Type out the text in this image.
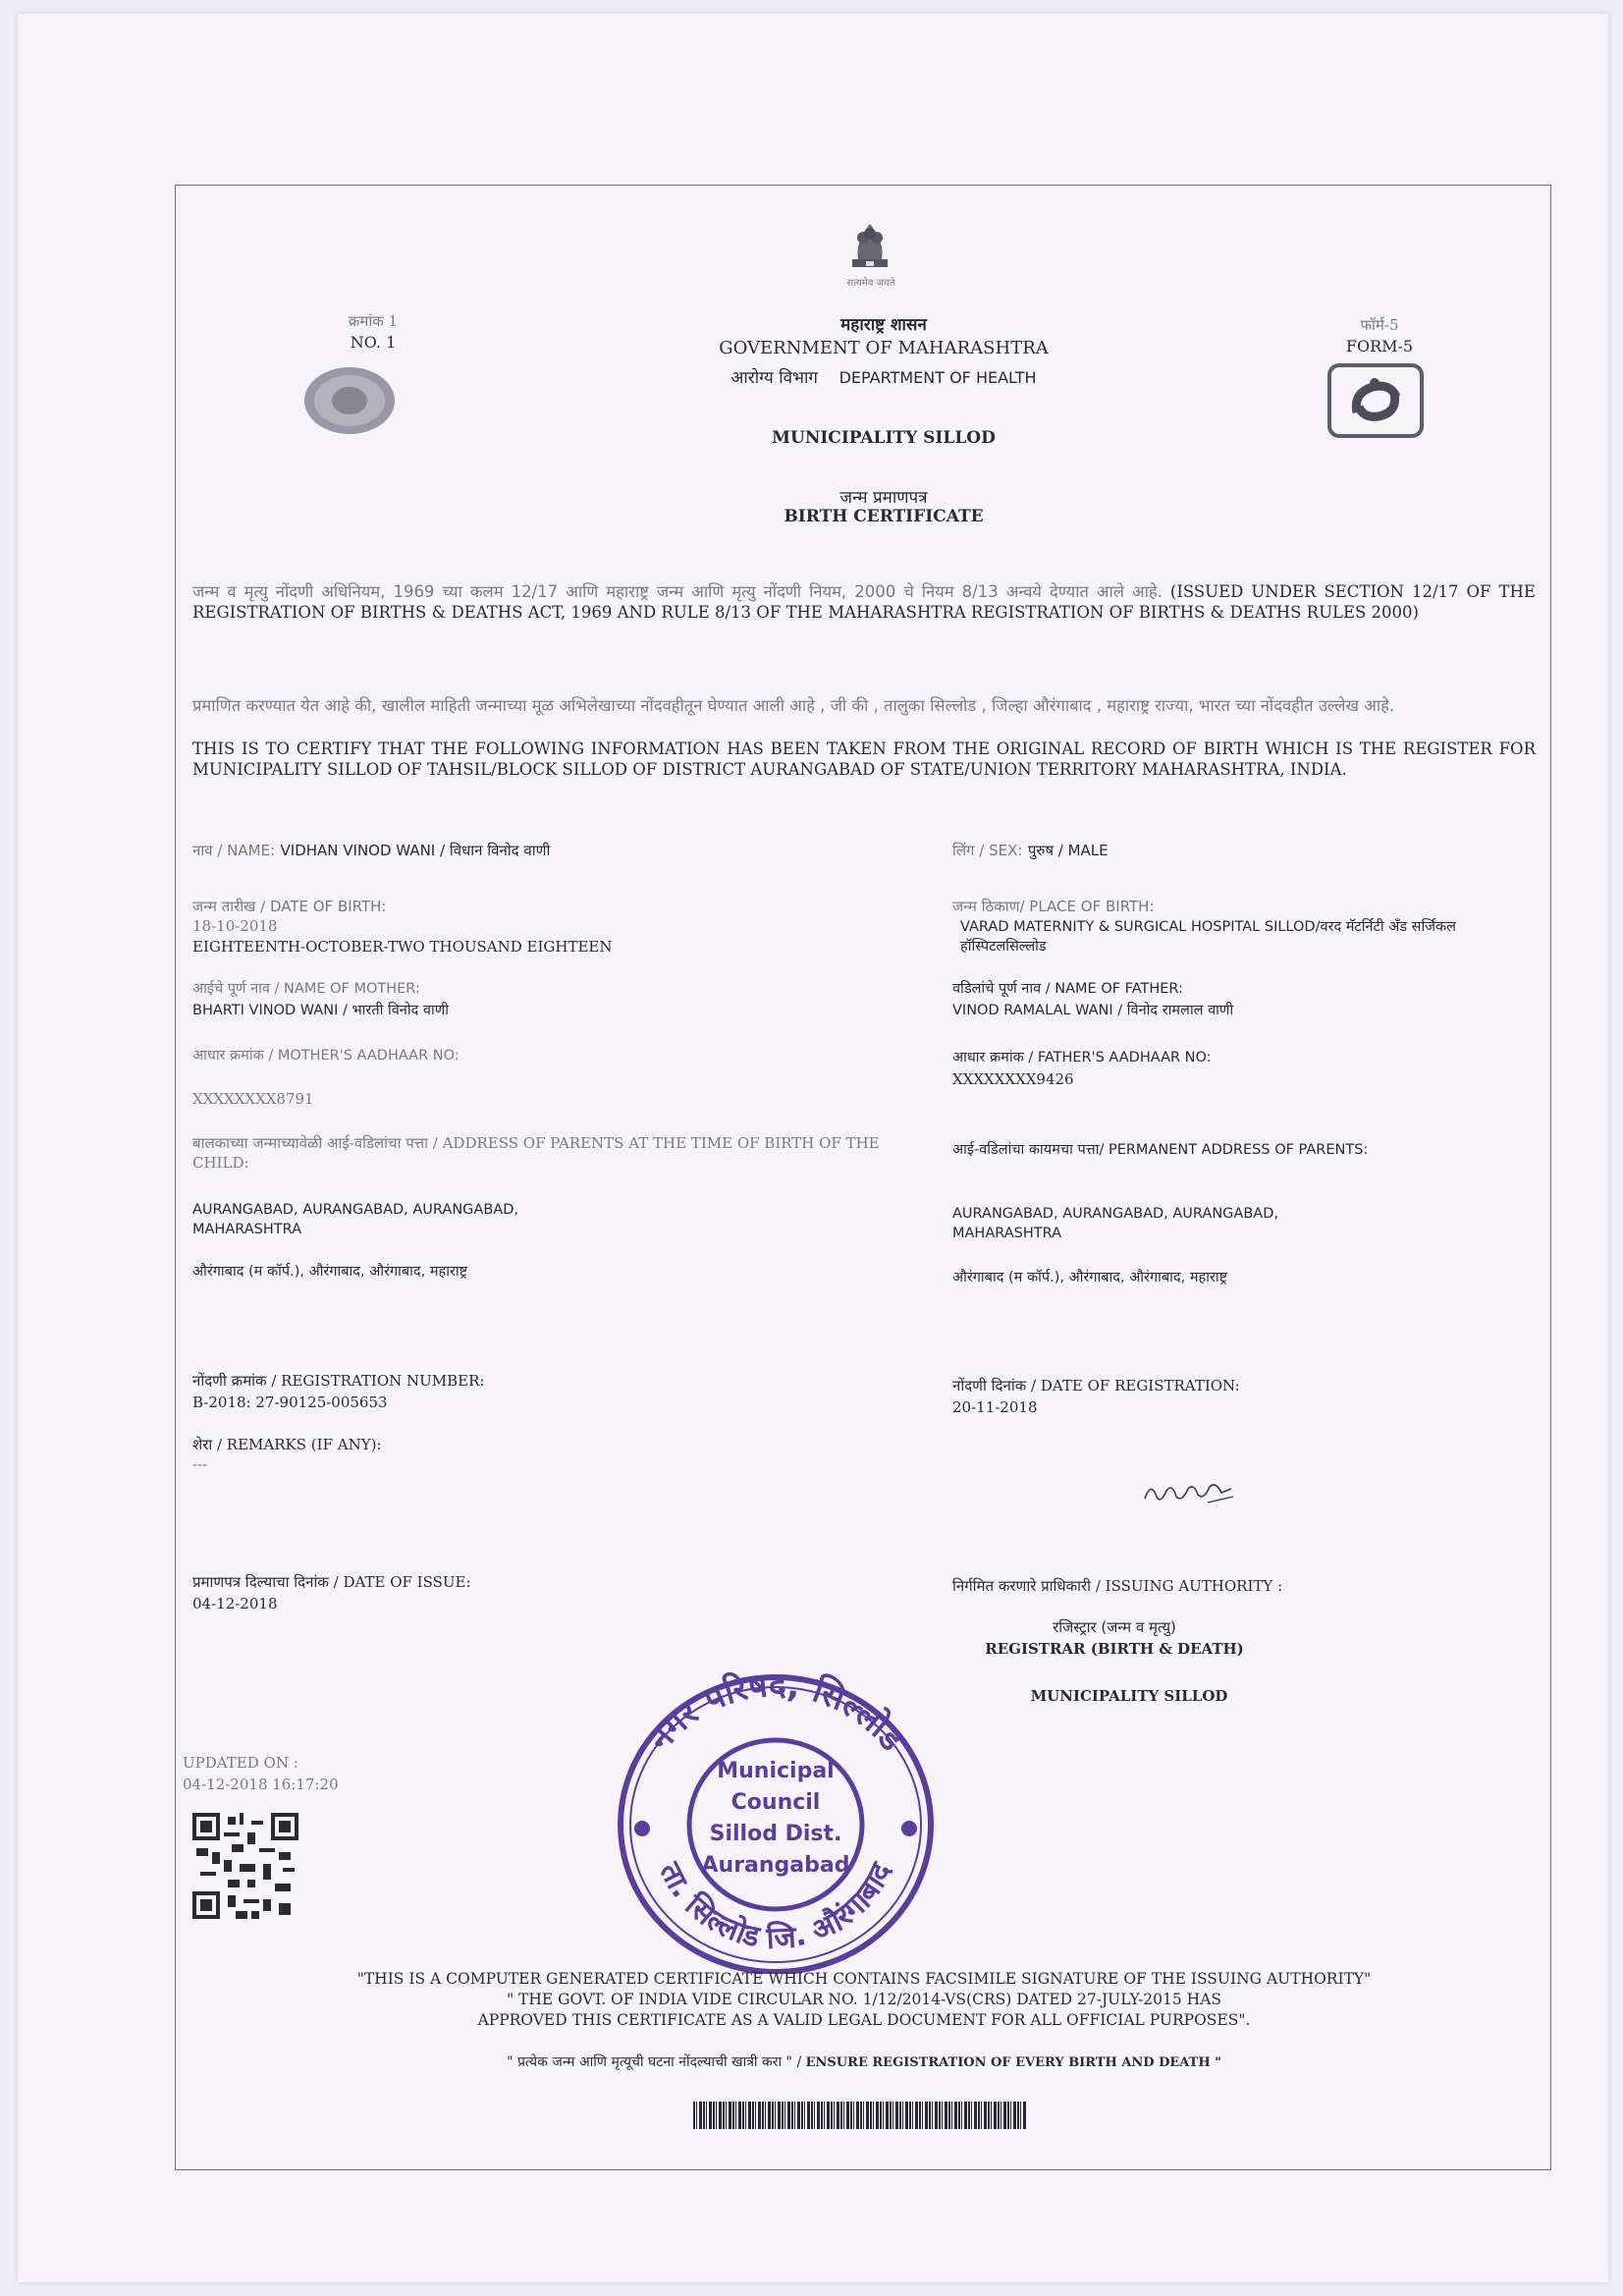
सत्यमेव जयते
क्रमांक 1
NO. 1
महाराष्ट्र शासन
GOVERNMENT OF MAHARASHTRA
आरोग्य विभाग DEPARTMENT OF HEALTH
फॉर्म-5
FORM-5
MUNICIPALITY SILLOD
जन्म प्रमाणपत्र
BIRTH CERTIFICATE
जन्म व मृत्यु नोंदणी अधिनियम, 1969 च्या कलम 12/17 आणि महाराष्ट्र जन्म आणि मृत्यु नोंदणी नियम, 2000 चे नियम 8/13 अन्वये देण्यात आले आहे. (ISSUED UNDER SECTION 12/17 OF THE REGISTRATION OF BIRTHS & DEATHS ACT, 1969 AND RULE 8/13 OF THE MAHARASHTRA REGISTRATION OF BIRTHS & DEATHS RULES 2000)
प्रमाणित करण्यात येत आहे की, खालील माहिती जन्माच्या मूळ अभिलेखाच्या नोंदवहीतून घेण्यात आली आहे , जी की , तालुका सिल्लोड , जिल्हा औरंगाबाद , महाराष्ट्र राज्या, भारत च्या नोंदवहीत उल्लेख आहे.
THIS IS TO CERTIFY THAT THE FOLLOWING INFORMATION HAS BEEN TAKEN FROM THE ORIGINAL RECORD OF BIRTH WHICH IS THE REGISTER FOR MUNICIPALITY SILLOD OF TAHSIL/BLOCK SILLOD OF DISTRICT AURANGABAD OF STATE/UNION TERRITORY MAHARASHTRA, INDIA.
नाव / NAME: VIDHAN VINOD WANI / विधान विनोद वाणी
जन्म तारीख / DATE OF BIRTH:
18-10-2018
EIGHTEENTH-OCTOBER-TWO THOUSAND EIGHTEEN
आईचे पूर्ण नाव / NAME OF MOTHER:
BHARTI VINOD WANI / भारती विनोद वाणी
आधार क्रमांक / MOTHER'S AADHAAR NO:
XXXXXXXX8791
बालकाच्या जन्माच्यावेळी आई-वडिलांचा पत्ता / ADDRESS OF PARENTS AT THE TIME OF BIRTH OF THE CHILD:
AURANGABAD, AURANGABAD, AURANGABAD, MAHARASHTRA
औरंगाबाद (म कॉर्प.), औरंगाबाद, औरंगाबाद, महाराष्ट्र
नोंदणी क्रमांक / REGISTRATION NUMBER:
B-2018: 27-90125-005653
शेरा / REMARKS (IF ANY):
---
प्रमाणपत्र दिल्याचा दिनांक / DATE OF ISSUE:
04-12-2018
UPDATED ON :
04-12-2018 16:17:20
लिंग / SEX: पुरुष / MALE
जन्म ठिकाण/ PLACE OF BIRTH:
VARAD MATERNITY & SURGICAL HOSPITAL SILLOD/वरद मॅटर्निटी अँड सर्जिकल हॉस्पिटलसिल्लोड
वडिलांचे पूर्ण नाव / NAME OF FATHER:
VINOD RAMALAL WANI / विनोद रामलाल वाणी
आधार क्रमांक / FATHER'S AADHAAR NO:
XXXXXXXX9426
आई-वडिलांचा कायमचा पत्ता/ PERMANENT ADDRESS OF PARENTS:
AURANGABAD, AURANGABAD, AURANGABAD, MAHARASHTRA
औरंगाबाद (म कॉर्प.), औरंगाबाद, औरंगाबाद, महाराष्ट्र
नोंदणी दिनांक / DATE OF REGISTRATION:
20-11-2018
निर्गमित करणारे प्राधिकारी / ISSUING AUTHORITY :
रजिस्ट्रार (जन्म व मृत्यु)
REGISTRAR (BIRTH & DEATH)
MUNICIPALITY SILLOD
नगर परिषद, सिल्लोड
ता. सिल्लोड जि. औरंगाबाद
Municipal
Council
Sillod Dist.
Aurangabad
"THIS IS A COMPUTER GENERATED CERTIFICATE WHICH CONTAINS FACSIMILE SIGNATURE OF THE ISSUING AUTHORITY"
" THE GOVT. OF INDIA VIDE CIRCULAR NO. 1/12/2014-VS(CRS) DATED 27-JULY-2015 HAS
APPROVED THIS CERTIFICATE AS A VALID LEGAL DOCUMENT FOR ALL OFFICIAL PURPOSES".
" प्रत्येक जन्म आणि मृत्यूची घटना नोंदल्याची खात्री करा " / ENSURE REGISTRATION OF EVERY BIRTH AND DEATH "
